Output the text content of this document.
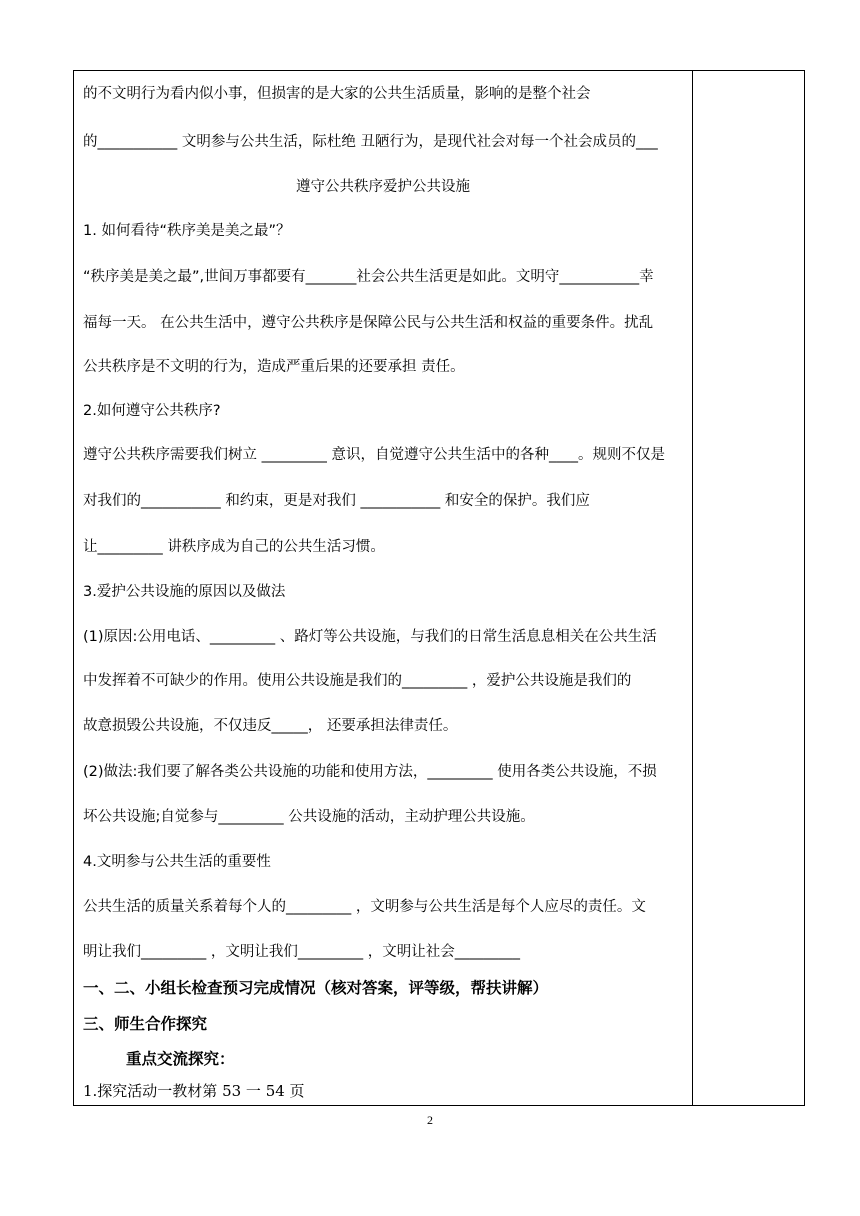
的不文明行为看内似小事，但损害的是大家的公共生活质量，影响的是整个社会
的___________ 文明参与公共生活，际杜绝 丑陋行为，是现代社会对每一个社会成员的___
遵守公共秩序爱护公共设施
1. 如何看待“秩序美是美之最”？
“秩序美是美之最”,世间万事都要有_______社会公共生活更是如此。文明守___________幸
福每一天。 在公共生活中，遵守公共秩序是保障公民与公共生活和权益的重要条件。扰乱
公共秩序是不文明的行为，造成严重后果的还要承担 责任。
2.如何遵守公共秩序?
遵守公共秩序需要我们树立 _________ 意识，自觉遵守公共生活中的各种____。规则不仅是
对我们的___________ 和约束，更是对我们 ___________ 和安全的保护。我们应
让_________ 讲秩序成为自己的公共生活习惯。
3.爱护公共设施的原因以及做法
(1)原因:公用电话、_________ 、路灯等公共设施，与我们的日常生活息息相关在公共生活
中发挥着不可缺少的作用。使用公共设施是我们的_________ ，爱护公共设施是我们的
故意损毁公共设施，不仅违反_____， 还要承担法律责任。
(2)做法:我们要了解各类公共设施的功能和使用方法，_________ 使用各类公共设施，不损
坏公共设施;自觉参与_________ 公共设施的活动，主动护理公共设施。
4.文明参与公共生活的重要性
公共生活的质量关系着每个人的_________ ，文明参与公共生活是每个人应尽的责任。文
明让我们_________ ，文明让我们_________ ，文明让社会_________
一、二、小组长检查预习完成情况（核对答案，评等级，帮扶讲解）
三、师生合作探究
重点交流探究：
1.探究活动一教材第 53 一 54 页
2
